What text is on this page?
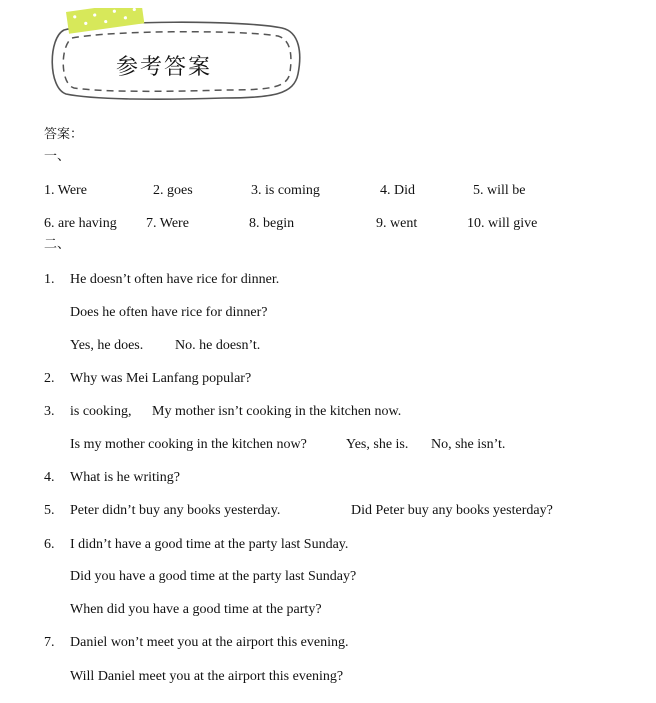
参考答案
答案：
一、
1. Were	2. goes	3. is coming	4. Did	5. will be
6. are having 7. Were	8. begin	9. went	10. will give
二、
1. He doesn’t often have rice for dinner.
Does he often have rice for dinner?
Yes, he does. No. he doesn’t.
2. Why was Mei Lanfang popular?
3. is cooking, My mother isn’t cooking in the kitchen now.
Is my mother cooking in the kitchen now?	Yes, she is. No, she isn’t.
4. What is he writing?
5. Peter didn’t buy any books yesterday.	Did Peter buy any books yesterday?
6. I didn’t have a good time at the party last Sunday.
Did you have a good time at the party last Sunday?
When did you have a good time at the party?
7. Daniel won’t meet you at the airport this evening.
Will Daniel meet you at the airport this evening?
